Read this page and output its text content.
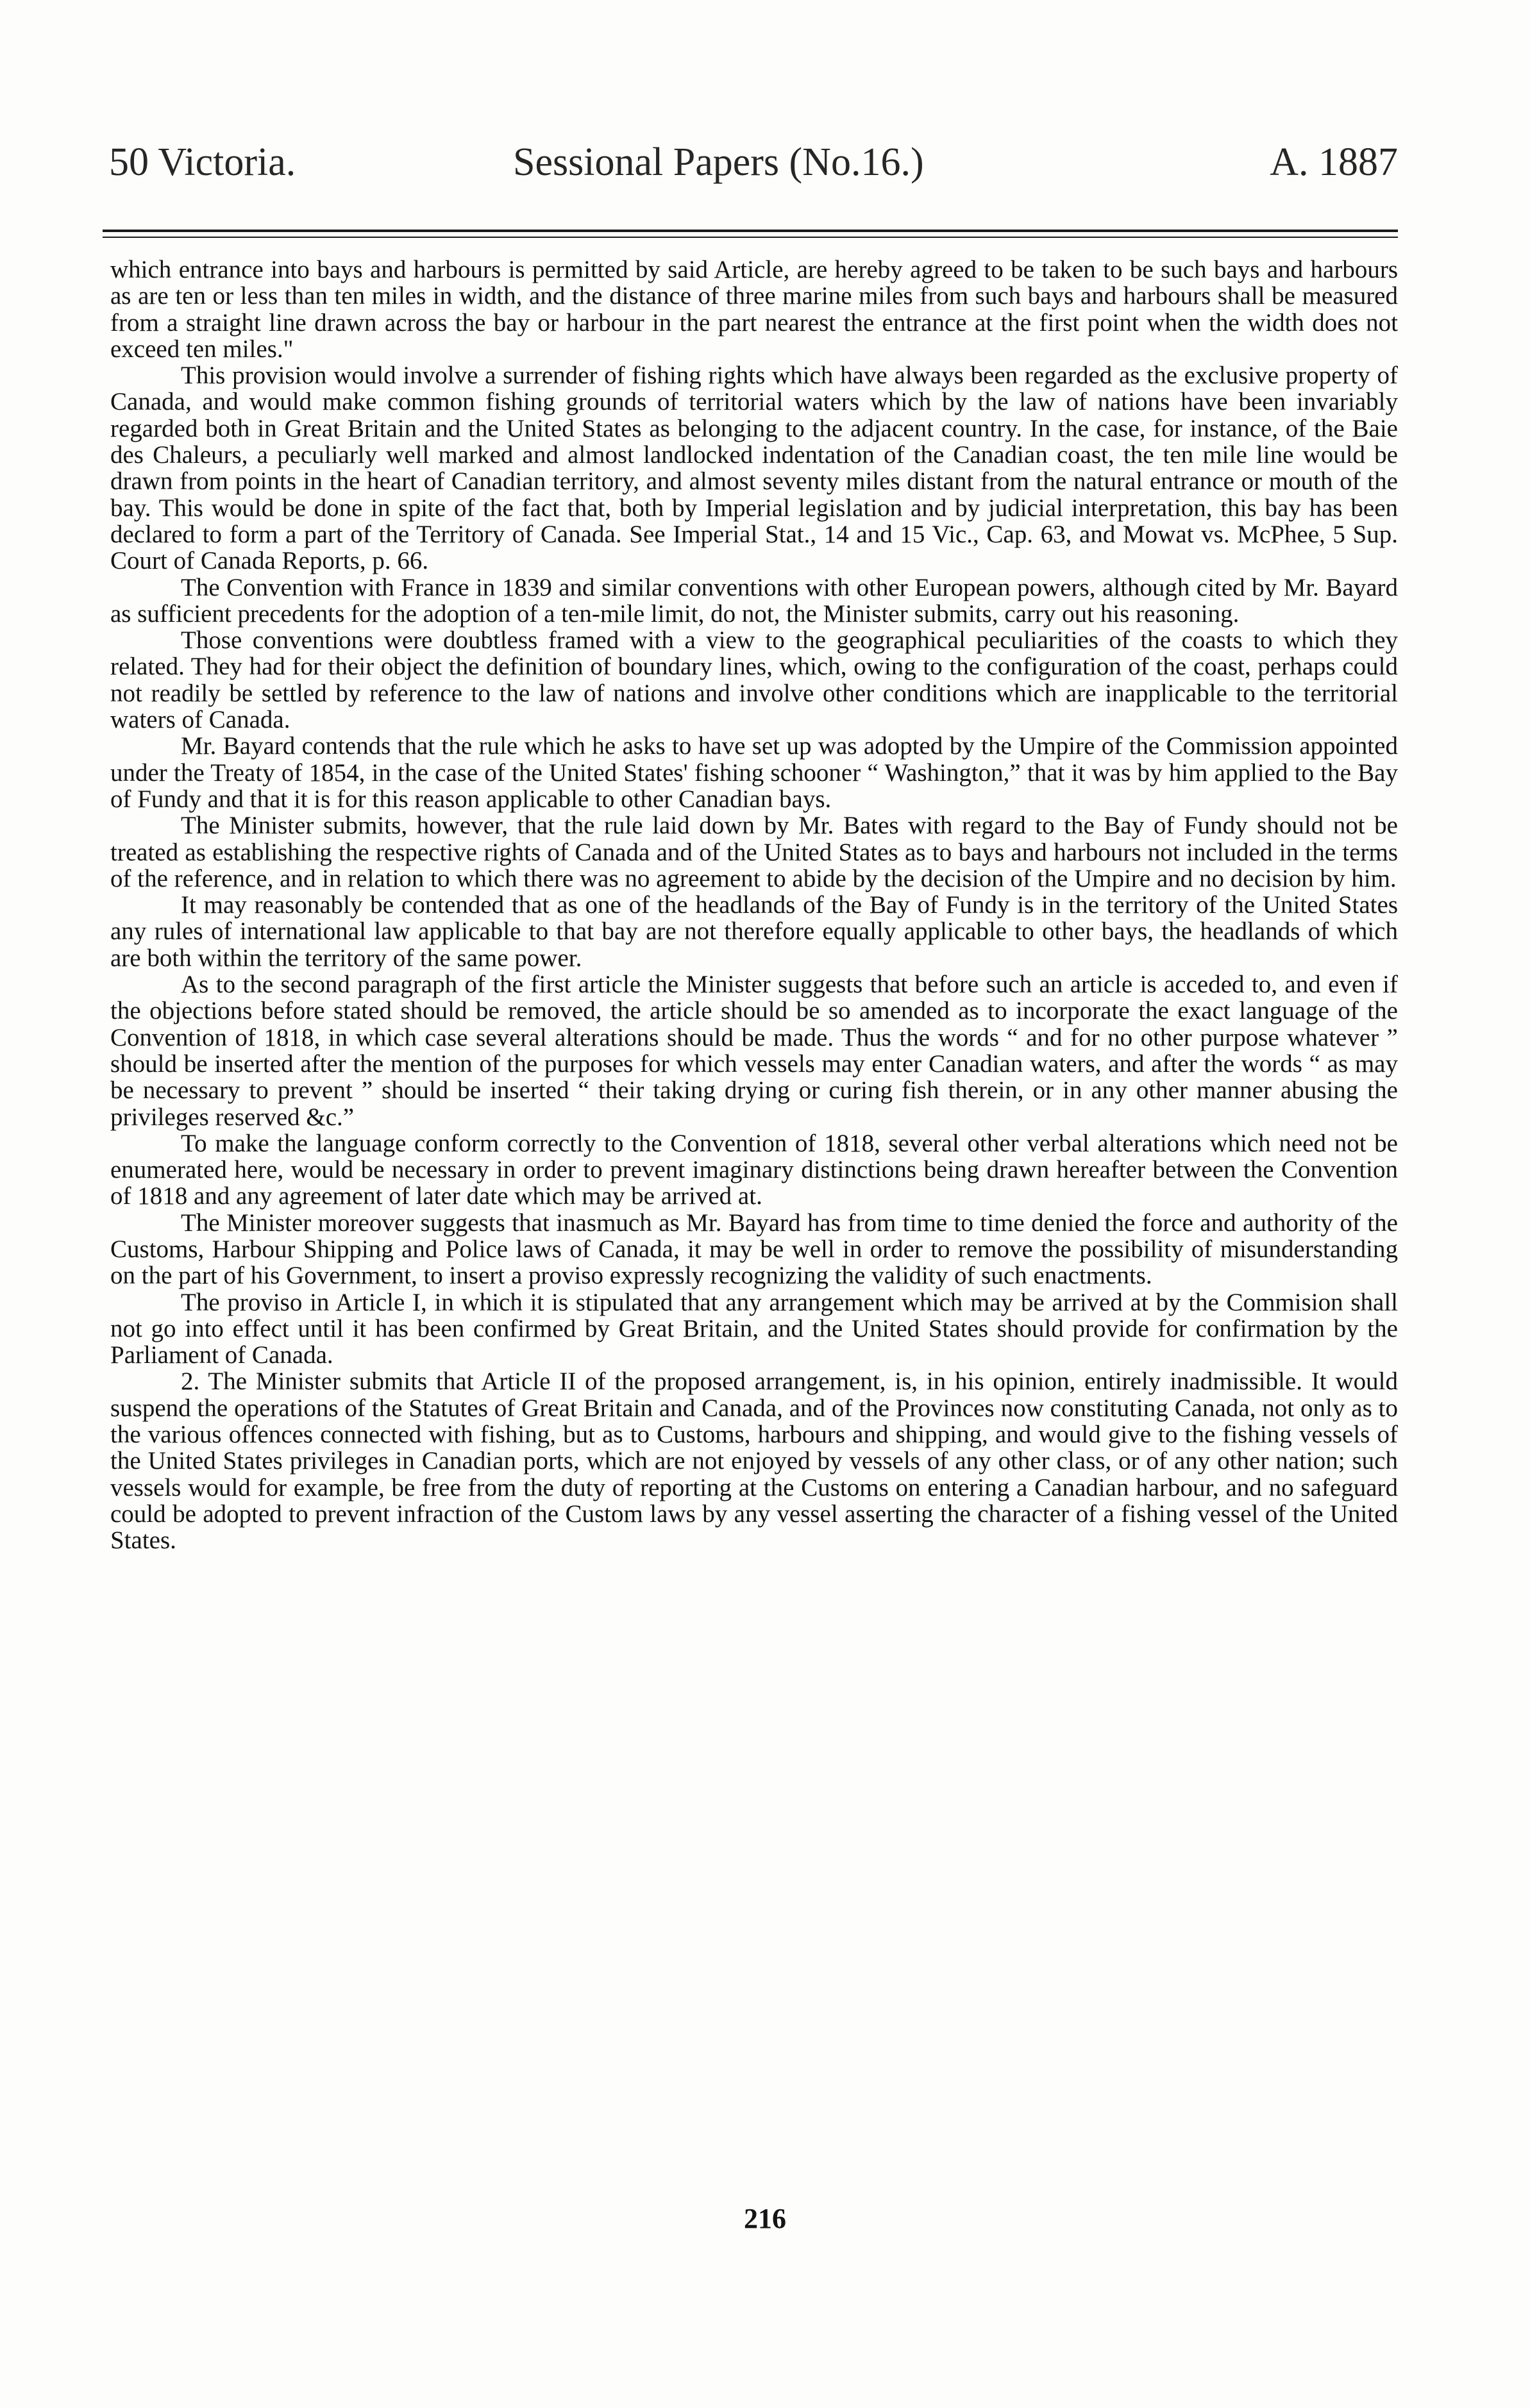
50 Victoria.	Sessional Papers (No.16.)	A. 1887

which entrance into bays and harbours is permitted by said Article, are hereby agreed to be taken to be such bays and harbours as are ten or less than ten miles in width, and the distance of three marine miles from such bays and harbours shall be measured from a straight line drawn across the bay or harbour in the part nearest the entrance at the first point when the width does not exceed ten miles."

This provision would involve a surrender of fishing rights which have always been regarded as the exclusive property of Canada, and would make common fishing grounds of territorial waters which by the law of nations have been invariably regarded both in Great Britain and the United States as belonging to the adjacent country. In the case, for instance, of the Baie des Chaleurs, a peculiarly well marked and almost landlocked indentation of the Canadian coast, the ten mile line would be drawn from points in the heart of Canadian territory, and almost seventy miles distant from the natural entrance or mouth of the bay. This would be done in spite of the fact that, both by Imperial legislation and by judicial interpretation, this bay has been declared to form a part of the Territory of Canada. See Imperial Stat., 14 and 15 Vic., Cap. 63, and Mowat vs. McPhee, 5 Sup. Court of Canada Reports, p. 66.

The Convention with France in 1839 and similar conventions with other European powers, although cited by Mr. Bayard as sufficient precedents for the adoption of a ten-mile limit, do not, the Minister submits, carry out his reasoning.

Those conventions were doubtless framed with a view to the geographical peculiarities of the coasts to which they related. They had for their object the definition of boundary lines, which, owing to the configuration of the coast, perhaps could not readily be settled by reference to the law of nations and involve other conditions which are inapplicable to the territorial waters of Canada.

Mr. Bayard contends that the rule which he asks to have set up was adopted by the Umpire of the Commission appointed under the Treaty of 1854, in the case of the United States' fishing schooner “ Washington,” that it was by him applied to the Bay of Fundy and that it is for this reason applicable to other Canadian bays.

The Minister submits, however, that the rule laid down by Mr. Bates with regard to the Bay of Fundy should not be treated as establishing the respective rights of Canada and of the United States as to bays and harbours not included in the terms of the reference, and in relation to which there was no agreement to abide by the decision of the Umpire and no decision by him.

It may reasonably be contended that as one of the headlands of the Bay of Fundy is in the territory of the United States any rules of international law applicable to that bay are not therefore equally applicable to other bays, the headlands of which are both within the territory of the same power.

As to the second paragraph of the first article the Minister suggests that before such an article is acceded to, and even if the objections before stated should be removed, the article should be so amended as to incorporate the exact language of the Convention of 1818, in which case several alterations should be made. Thus the words “ and for no other purpose whatever ” should be inserted after the mention of the purposes for which vessels may enter Canadian waters, and after the words “ as may be necessary to prevent ” should be inserted “ their taking drying or curing fish therein, or in any other manner abusing the privileges reserved &c.”

To make the language conform correctly to the Convention of 1818, several other verbal alterations which need not be enumerated here, would be necessary in order to prevent imaginary distinctions being drawn hereafter between the Convention of 1818 and any agreement of later date which may be arrived at.

The Minister moreover suggests that inasmuch as Mr. Bayard has from time to time denied the force and authority of the Customs, Harbour Shipping and Police laws of Canada, it may be well in order to remove the possibility of misunderstanding on the part of his Government, to insert a proviso expressly recognizing the validity of such enactments.

The proviso in Article I, in which it is stipulated that any arrangement which may be arrived at by the Commision shall not go into effect until it has been confirmed by Great Britain, and the United States should provide for confirmation by the Parliament of Canada.

2. The Minister submits that Article II of the proposed arrangement, is, in his opinion, entirely inadmissible. It would suspend the operations of the Statutes of Great Britain and Canada, and of the Provinces now constituting Canada, not only as to the various offences connected with fishing, but as to Customs, harbours and shipping, and would give to the fishing vessels of the United States privileges in Canadian ports, which are not enjoyed by vessels of any other class, or of any other nation; such vessels would for example, be free from the duty of reporting at the Customs on entering a Canadian harbour, and no safeguard could be adopted to prevent infraction of the Custom laws by any vessel asserting the character of a fishing vessel of the United States.

216
